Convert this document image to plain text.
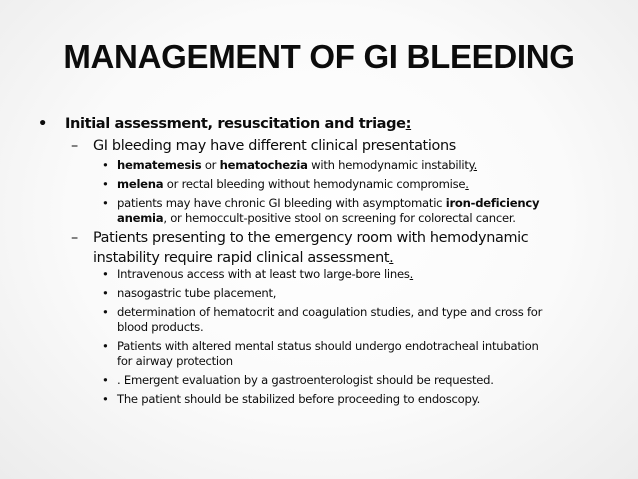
MANAGEMENT OF GI BLEEDING
• Initial assessment, resuscitation and triage:
– GI bleeding may have different clinical presentations
• hematemesis or hematochezia with hemodynamic instability.
• melena or rectal bleeding without hemodynamic compromise.
• patients may have chronic GI bleeding with asymptomatic iron-deficiency
anemia, or hemoccult-positive stool on screening for colorectal cancer.
– Patients presenting to the emergency room with hemodynamic
instability require rapid clinical assessment.
• Intravenous access with at least two large-bore lines.
• nasogastric tube placement,
• determination of hematocrit and coagulation studies, and type and cross for
blood products.
• Patients with altered mental status should undergo endotracheal intubation
for airway protection
• . Emergent evaluation by a gastroenterologist should be requested.
• The patient should be stabilized before proceeding to endoscopy.
